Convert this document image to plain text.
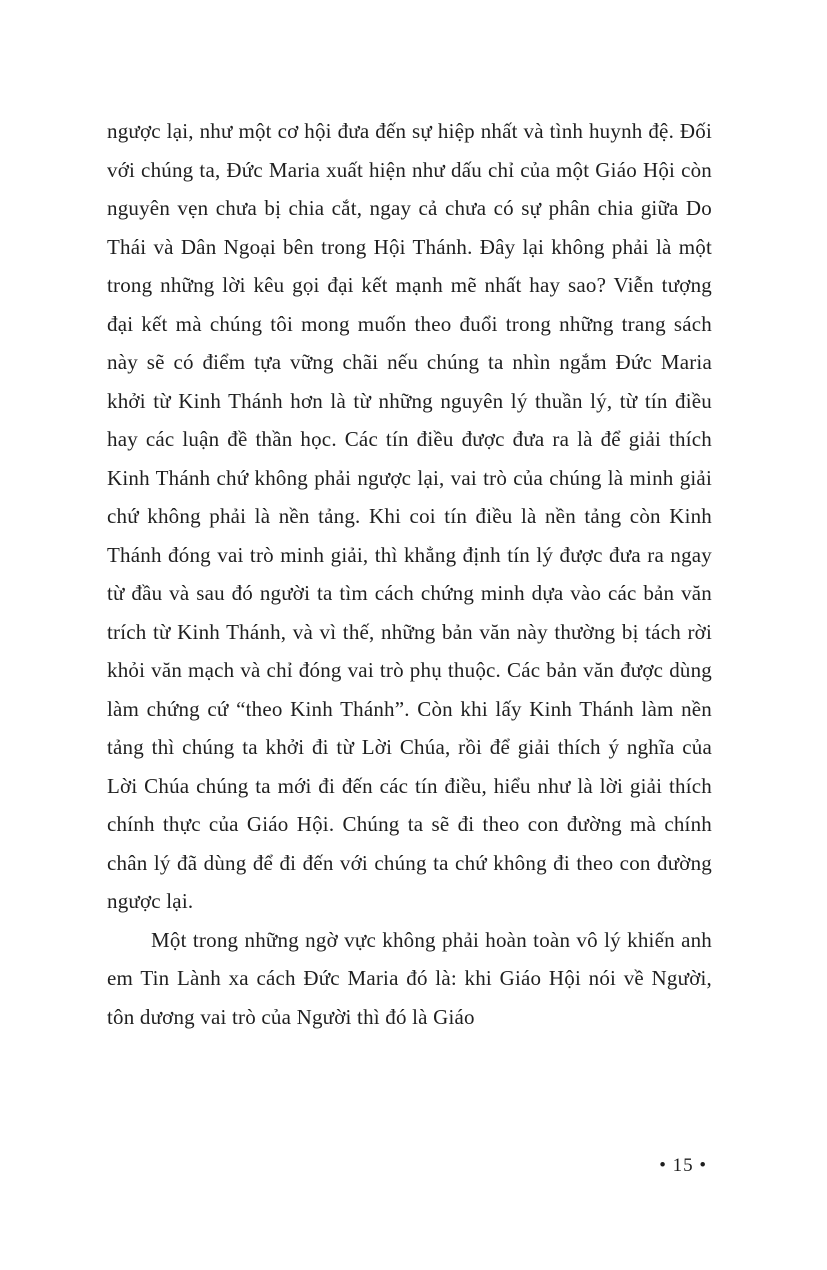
ngược lại, như một cơ hội đưa đến sự hiệp nhất và tình huynh đệ. Đối với chúng ta, Đức Maria xuất hiện như dấu chỉ của một Giáo Hội còn nguyên vẹn chưa bị chia cắt, ngay cả chưa có sự phân chia giữa Do Thái và Dân Ngoại bên trong Hội Thánh. Đây lại không phải là một trong những lời kêu gọi đại kết mạnh mẽ nhất hay sao? Viễn tượng đại kết mà chúng tôi mong muốn theo đuổi trong những trang sách này sẽ có điểm tựa vững chãi nếu chúng ta nhìn ngắm Đức Maria khởi từ Kinh Thánh hơn là từ những nguyên lý thuần lý, từ tín điều hay các luận đề thần học. Các tín điều được đưa ra là để giải thích Kinh Thánh chứ không phải ngược lại, vai trò của chúng là minh giải chứ không phải là nền tảng. Khi coi tín điều là nền tảng còn Kinh Thánh đóng vai trò minh giải, thì khẳng định tín lý được đưa ra ngay từ đầu và sau đó người ta tìm cách chứng minh dựa vào các bản văn trích từ Kinh Thánh, và vì thế, những bản văn này thường bị tách rời khỏi văn mạch và chỉ đóng vai trò phụ thuộc. Các bản văn được dùng làm chứng cứ “theo Kinh Thánh”. Còn khi lấy Kinh Thánh làm nền tảng thì chúng ta khởi đi từ Lời Chúa, rồi để giải thích ý nghĩa của Lời Chúa chúng ta mới đi đến các tín điều, hiểu như là lời giải thích chính thực của Giáo Hội. Chúng ta sẽ đi theo con đường mà chính chân lý đã dùng để đi đến với chúng ta chứ không đi theo con đường ngược lại.

Một trong những ngờ vực không phải hoàn toàn vô lý khiến anh em Tin Lành xa cách Đức Maria đó là: khi Giáo Hội nói về Người, tôn dương vai trò của Người thì đó là Giáo

• 15 •
